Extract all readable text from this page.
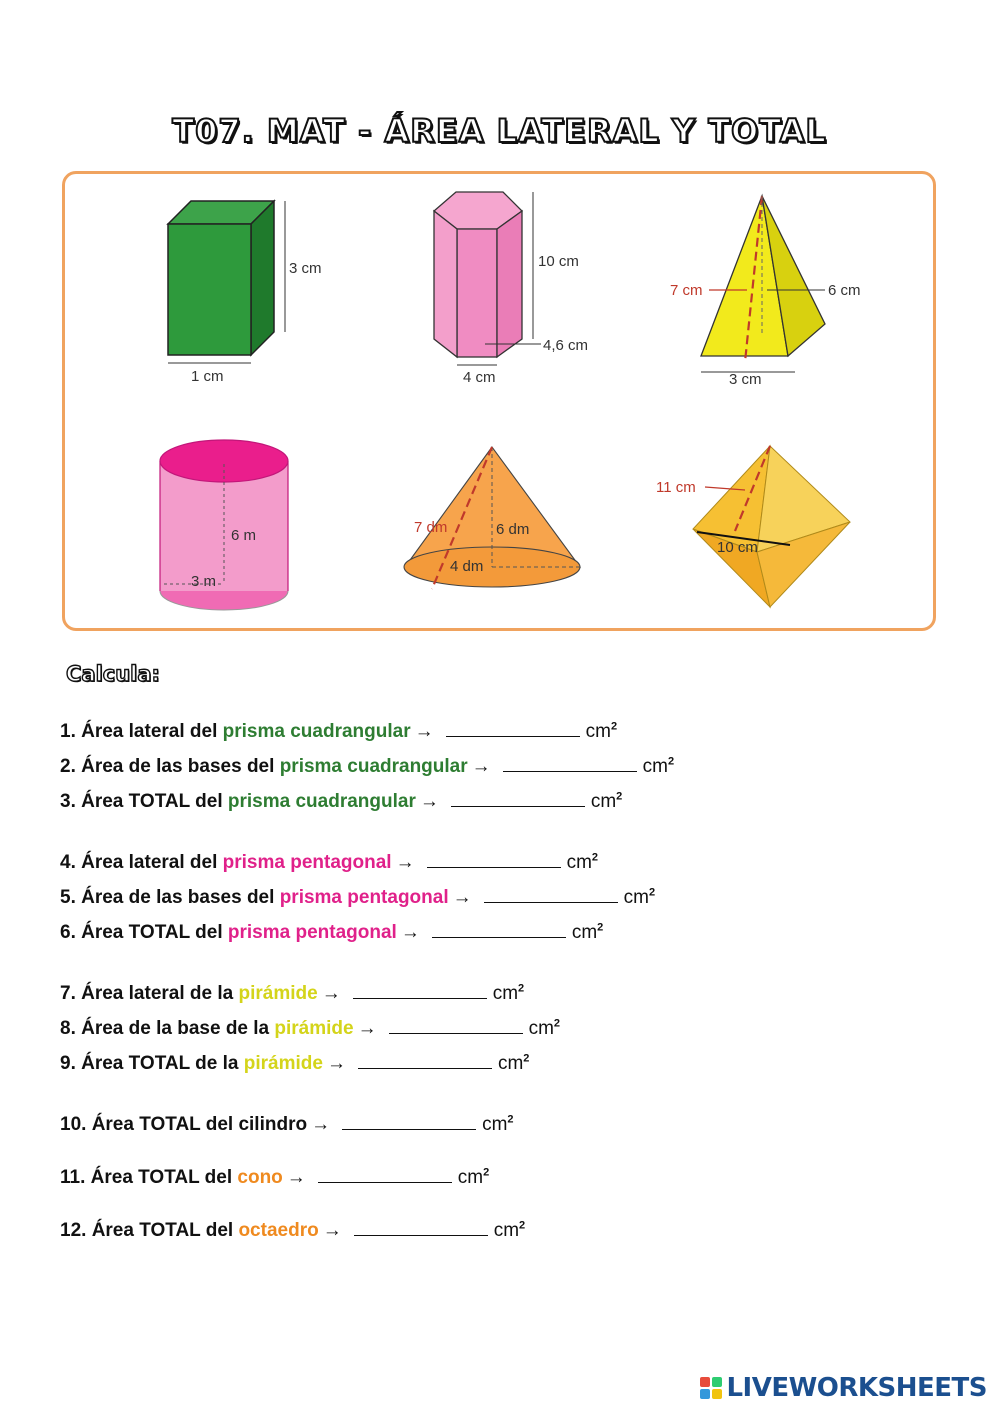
T07. MAT - ÁREA LATERAL Y TOTAL
3 cm
1 cm
10 cm
4,6 cm
4 cm
7 cm	6 cm
3 cm
6 m
3 m
7 dm	6 dm
4 dm
11 cm
10 cm
Calcula:
1. Área lateral del prisma cuadrangular →	$cm^2$
2. Área de las bases del prisma cuadrangular →	$cm^2$
3. Área TOTAL del prisma cuadrangular →	$cm^2$
4. Área lateral del prisma pentagonal →	$cm^2$
5. Área de las bases del prisma pentagonal →	$cm^2$
6. Área TOTAL del prisma pentagonal →	$cm^2$
7. Área lateral de la pirámide →	$cm^2$
8. Área de la base de la pirámide →	$cm^2$
9. Área TOTAL de la pirámide →	$cm^2$
10. Área TOTAL del cilindro →	$cm^2$
11. Área TOTAL del cono →	$cm^2$
12. Área TOTAL del octaedro →	$cm^2$
LIVEWORKSHEETS
